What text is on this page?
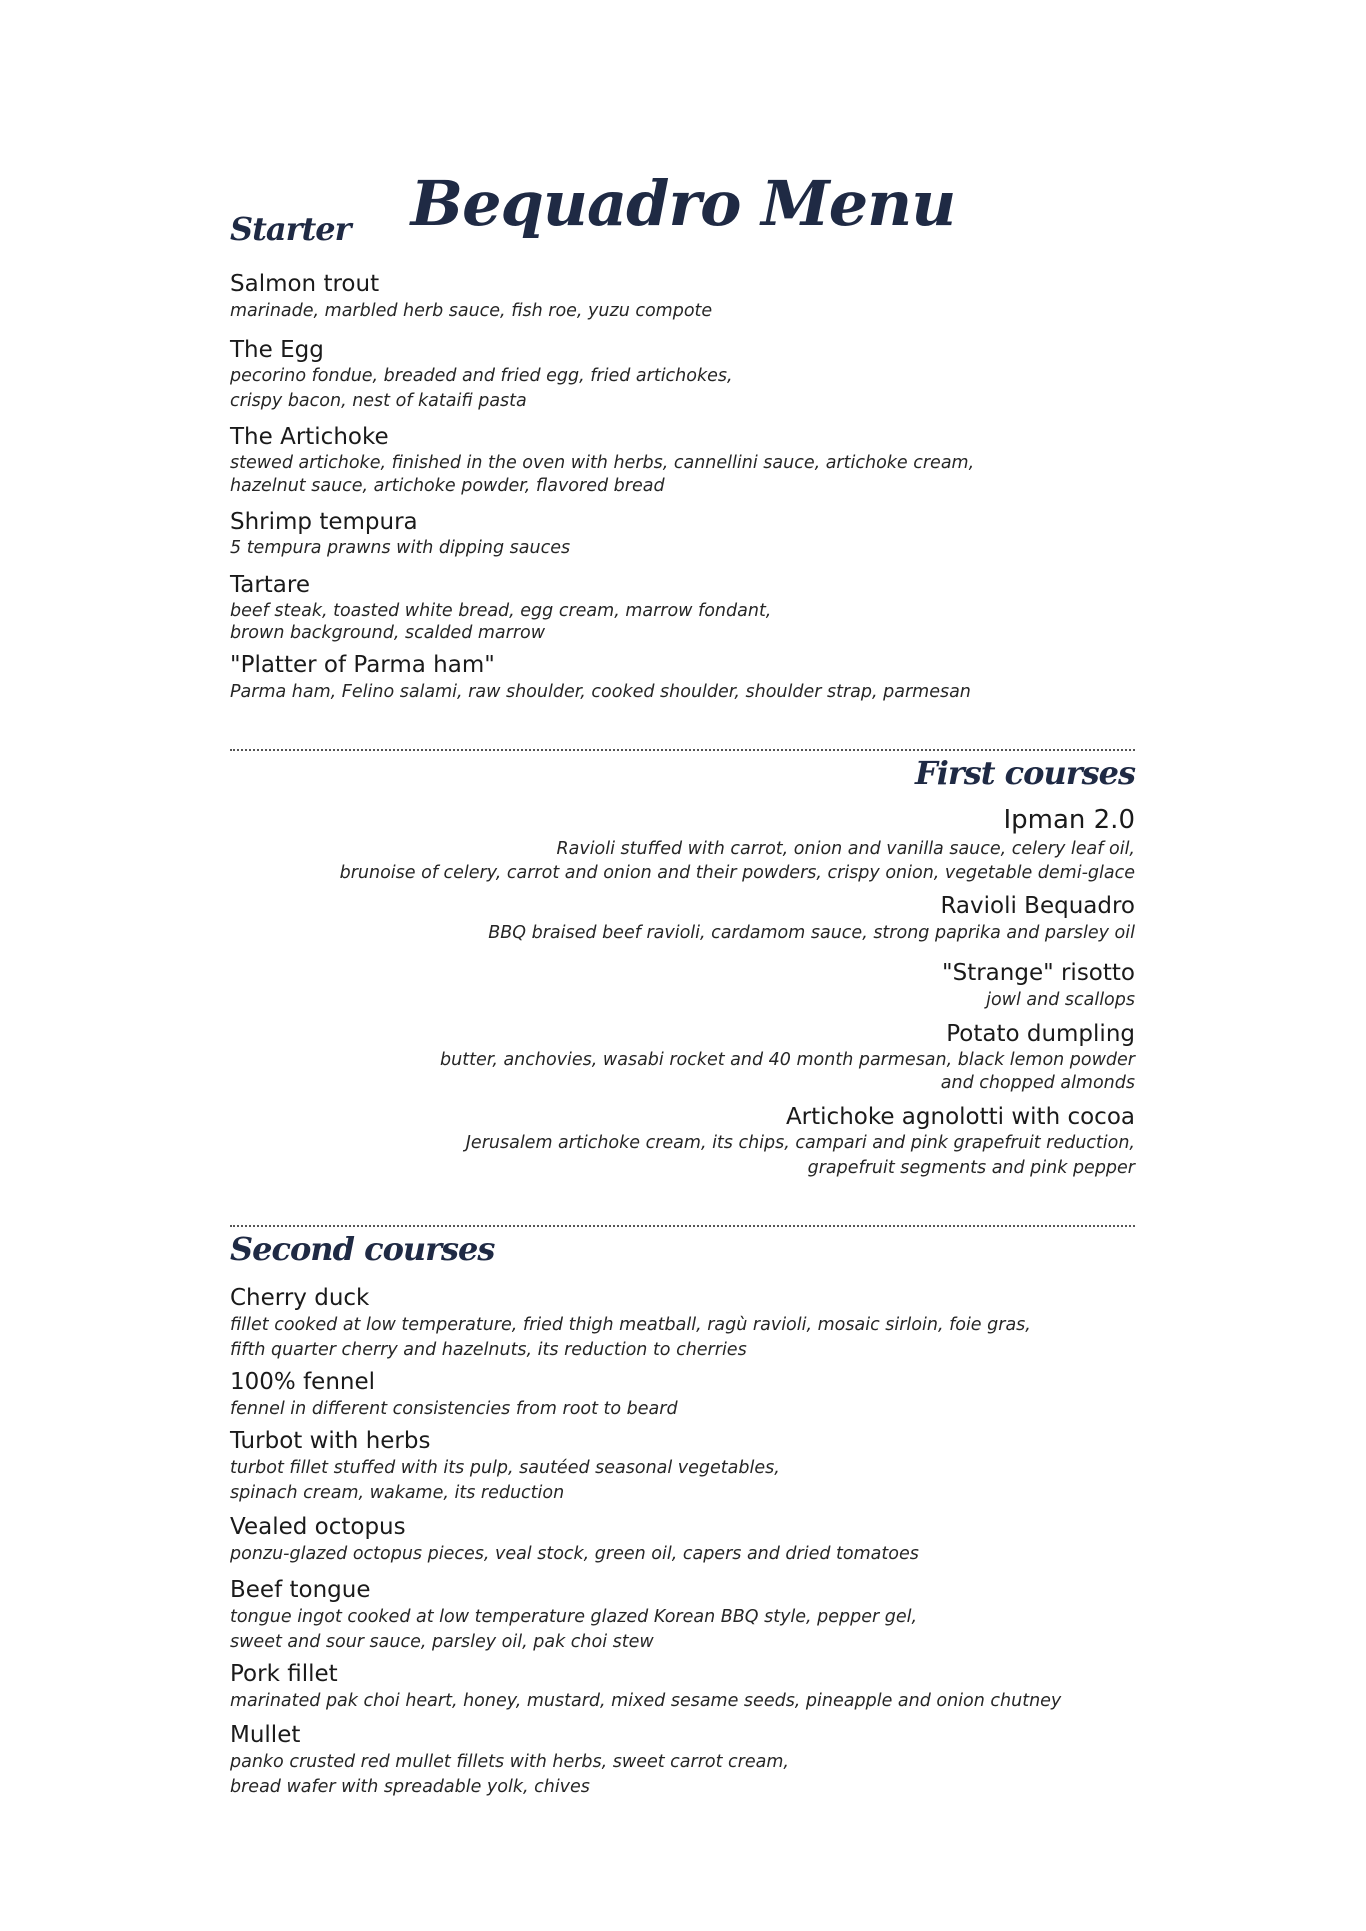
Bequadro Menu
Starter

Salmon trout

marinade, marbled herb sauce, fish roe, yuzu compote

The Egg

pecorino fondue, breaded and fried egg, fried artichokes,
crispy bacon, nest of kataifi pasta

The Artichoke

stewed artichoke, finished in the oven with herbs, cannellini sauce, artichoke cream,
hazelnut sauce, artichoke powder, flavored bread

Shrimp tempura

5 tempura prawns with dipping sauces

Tartare

beef steak, toasted white bread, egg cream, marrow fondant,
brown background, scalded marrow

"Platter of Parma ham"

Parma ham, Felino salami, raw shoulder, cooked shoulder, shoulder strap, parmesan

First courses

Ipman 2.0

Ravioli stuffed with carrot, onion and vanilla sauce, celery leaf oil,
brunoise of celery, carrot and onion and their powders, crispy onion, vegetable demi-glace

Ravioli Bequadro

BBQ braised beef ravioli, cardamom sauce, strong paprika and parsley oil

"Strange" risotto

jowl and scallops

Potato dumpling

butter, anchovies, wasabi rocket and 40 month parmesan, black lemon powder
and chopped almonds

Artichoke agnolotti with cocoa

Jerusalem artichoke cream, its chips, campari and pink grapefruit reduction,
grapefruit segments and pink pepper

Second courses

Cherry duck

fillet cooked at low temperature, fried thigh meatball, ragù ravioli, mosaic sirloin, foie gras,
fifth quarter cherry and hazelnuts, its reduction to cherries

100% fennel

fennel in different consistencies from root to beard

Turbot with herbs

turbot fillet stuffed with its pulp, sautéed seasonal vegetables,
spinach cream, wakame, its reduction

Vealed octopus

ponzu-glazed octopus pieces, veal stock, green oil, capers and dried tomatoes

Beef tongue

tongue ingot cooked at low temperature glazed Korean BBQ style, pepper gel,
sweet and sour sauce, parsley oil, pak choi stew

Pork fillet

marinated pak choi heart, honey, mustard, mixed sesame seeds, pineapple and onion chutney

Mullet

panko crusted red mullet fillets with herbs, sweet carrot cream,
bread wafer with spreadable yolk, chives
